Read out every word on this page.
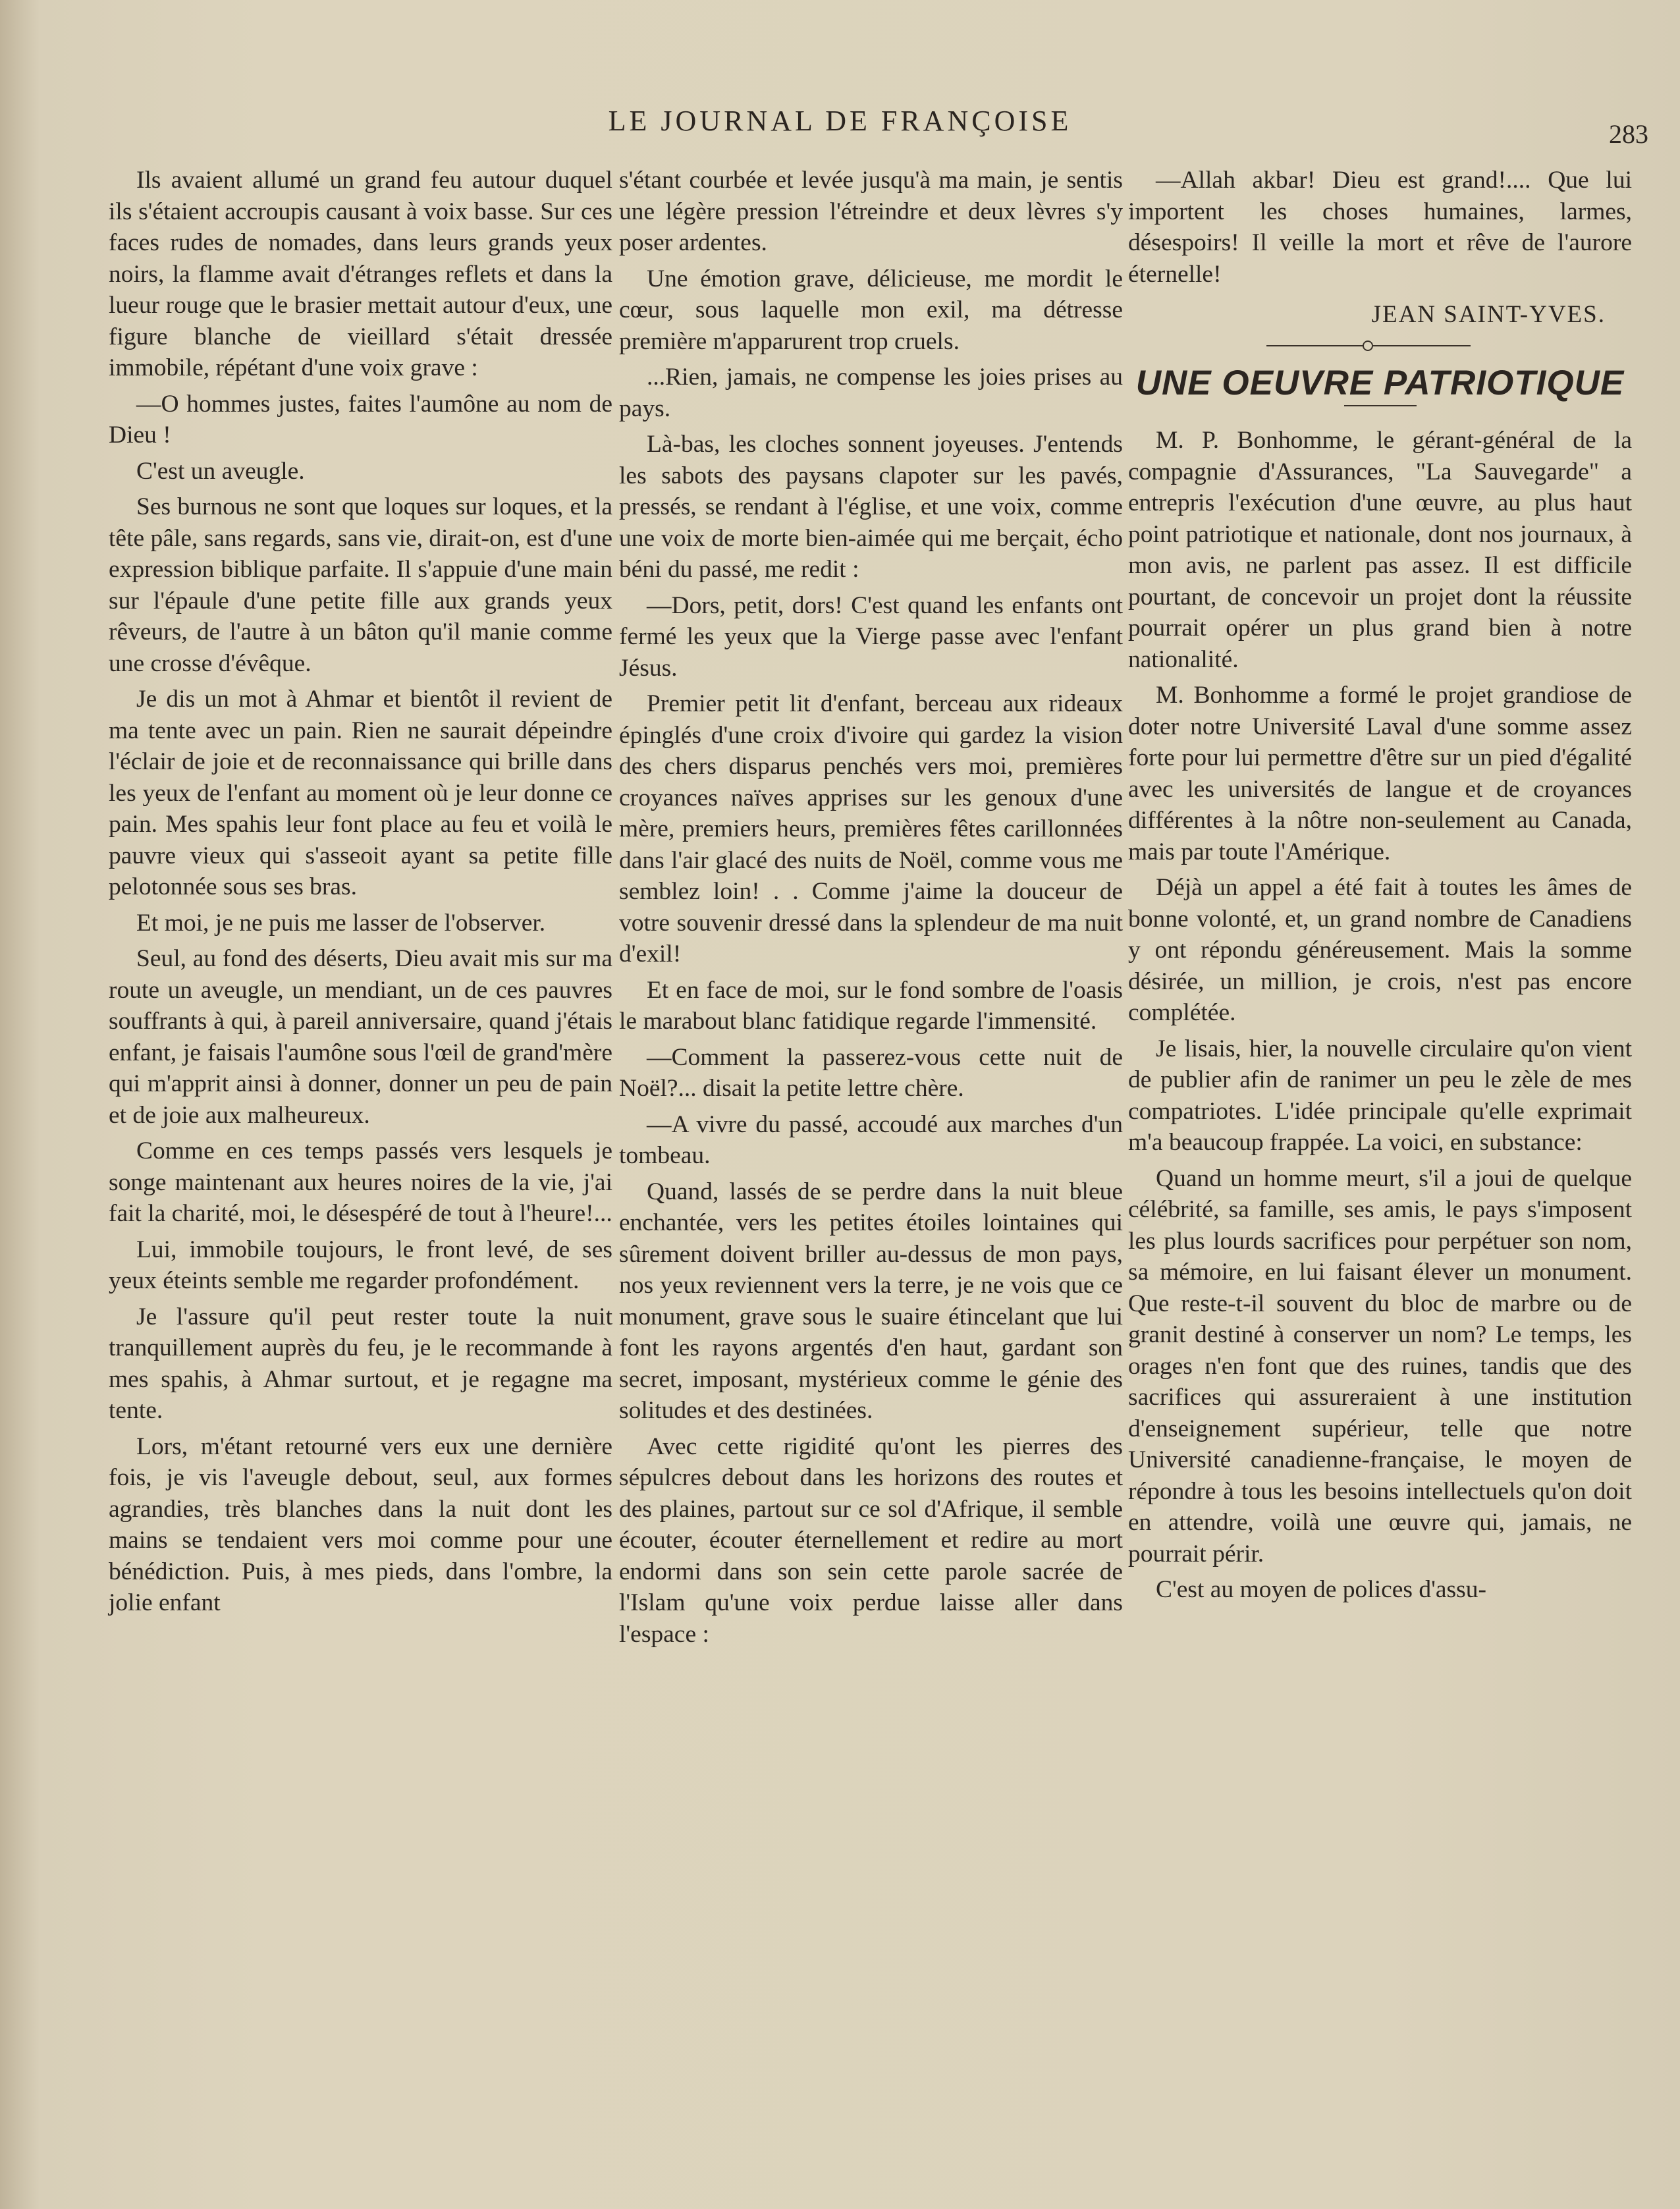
LE JOURNAL DE FRANÇOISE	283

Ils avaient allumé un grand feu autour duquel ils s'étaient accroupis causant à voix basse. Sur ces faces rudes de nomades, dans leurs grands yeux noirs, la flamme avait d'étranges reflets et dans la lueur rouge que le brasier mettait autour d'eux, une figure blanche de vieillard s'était dressée immobile, répétant d'une voix grave :

—O hommes justes, faites l'aumône au nom de Dieu !

C'est un aveugle.

Ses burnous ne sont que loques sur loques, et la tête pâle, sans regards, sans vie, dirait-on, est d'une expression biblique parfaite. Il s'appuie d'une main sur l'épaule d'une petite fille aux grands yeux rêveurs, de l'autre à un bâton qu'il manie comme une crosse d'évêque.

Je dis un mot à Ahmar et bientôt il revient de ma tente avec un pain. Rien ne saurait dépeindre l'éclair de joie et de reconnaissance qui brille dans les yeux de l'enfant au moment où je leur donne ce pain. Mes spahis leur font place au feu et voilà le pauvre vieux qui s'asseoit ayant sa petite fille pelotonnée sous ses bras.

Et moi, je ne puis me lasser de l'observer.

Seul, au fond des déserts, Dieu avait mis sur ma route un aveugle, un mendiant, un de ces pauvres souffrants à qui, à pareil anniversaire, quand j'étais enfant, je faisais l'aumône sous l'œil de grand'mère qui m'apprit ainsi à donner, donner un peu de pain et de joie aux malheureux.

Comme en ces temps passés vers lesquels je songe maintenant aux heures noires de la vie, j'ai fait la charité, moi, le désespéré de tout à l'heure!...

Lui, immobile toujours, le front levé, de ses yeux éteints semble me regarder profondément.

Je l'assure qu'il peut rester toute la nuit tranquillement auprès du feu, je le recommande à mes spahis, à Ahmar surtout, et je regagne ma tente.

Lors, m'étant retourné vers eux une dernière fois, je vis l'aveugle debout, seul, aux formes agrandies, très blanches dans la nuit dont les mains se tendaient vers moi comme pour une bénédiction. Puis, à mes pieds, dans l'ombre, la jolie enfant

s'étant courbée et levée jusqu'à ma main, je sentis une légère pression l'étreindre et deux lèvres s'y poser ardentes.

Une émotion grave, délicieuse, me mordit le cœur, sous laquelle mon exil, ma détresse première m'apparurent trop cruels.

...Rien, jamais, ne compense les joies prises au pays.

Là-bas, les cloches sonnent joyeuses. J'entends les sabots des paysans clapoter sur les pavés, pressés, se rendant à l'église, et une voix, comme une voix de morte bien-aimée qui me berçait, écho béni du passé, me redit :

—Dors, petit, dors! C'est quand les enfants ont fermé les yeux que la Vierge passe avec l'enfant Jésus.

Premier petit lit d'enfant, berceau aux rideaux épinglés d'une croix d'ivoire qui gardez la vision des chers disparus penchés vers moi, premières croyances naïves apprises sur les genoux d'une mère, premiers heurs, premières fêtes carillonnées dans l'air glacé des nuits de Noël, comme vous me semblez loin! . . Comme j'aime la douceur de votre souvenir dressé dans la splendeur de ma nuit d'exil!

Et en face de moi, sur le fond sombre de l'oasis le marabout blanc fatidique regarde l'immensité.

—Comment la passerez-vous cette nuit de Noël?... disait la petite lettre chère.

—A vivre du passé, accoudé aux marches d'un tombeau.

Quand, lassés de se perdre dans la nuit bleue enchantée, vers les petites étoiles lointaines qui sûrement doivent briller au-dessus de mon pays, nos yeux reviennent vers la terre, je ne vois que ce monument, grave sous le suaire étincelant que lui font les rayons argentés d'en haut, gardant son secret, imposant, mystérieux comme le génie des solitudes et des destinées.

Avec cette rigidité qu'ont les pierres des sépulcres debout dans les horizons des routes et des plaines, partout sur ce sol d'Afrique, il semble écouter, écouter éternellement et redire au mort endormi dans son sein cette parole sacrée de l'Islam qu'une voix perdue laisse aller dans l'espace :

—Allah akbar! Dieu est grand!.... Que lui importent les choses humaines, larmes, désespoirs! Il veille la mort et rêve de l'aurore éternelle!

JEAN SAINT-YVES.
UNE OEUVRE PATRIOTIQUE

M. P. Bonhomme, le gérant-général de la compagnie d'Assurances, "La Sauvegarde" a entrepris l'exécution d'une œuvre, au plus haut point patriotique et nationale, dont nos journaux, à mon avis, ne parlent pas assez. Il est difficile pourtant, de concevoir un projet dont la réussite pourrait opérer un plus grand bien à notre nationalité.

M. Bonhomme a formé le projet grandiose de doter notre Université Laval d'une somme assez forte pour lui permettre d'être sur un pied d'égalité avec les universités de langue et de croyances différentes à la nôtre non-seulement au Canada, mais par toute l'Amérique.

Déjà un appel a été fait à toutes les âmes de bonne volonté, et, un grand nombre de Canadiens y ont répondu généreusement. Mais la somme désirée, un million, je crois, n'est pas encore complétée.

Je lisais, hier, la nouvelle circulaire qu'on vient de publier afin de ranimer un peu le zèle de mes compatriotes. L'idée principale qu'elle exprimait m'a beaucoup frappée. La voici, en substance:

Quand un homme meurt, s'il a joui de quelque célébrité, sa famille, ses amis, le pays s'imposent les plus lourds sacrifices pour perpétuer son nom, sa mémoire, en lui faisant élever un monument. Que reste-t-il souvent du bloc de marbre ou de granit destiné à conserver un nom? Le temps, les orages n'en font que des ruines, tandis que des sacrifices qui assureraient à une institution d'enseignement supérieur, telle que notre Université canadienne-française, le moyen de répondre à tous les besoins intellectuels qu'on doit en attendre, voilà une œuvre qui, jamais, ne pourrait périr.

C'est au moyen de polices d'assu-
